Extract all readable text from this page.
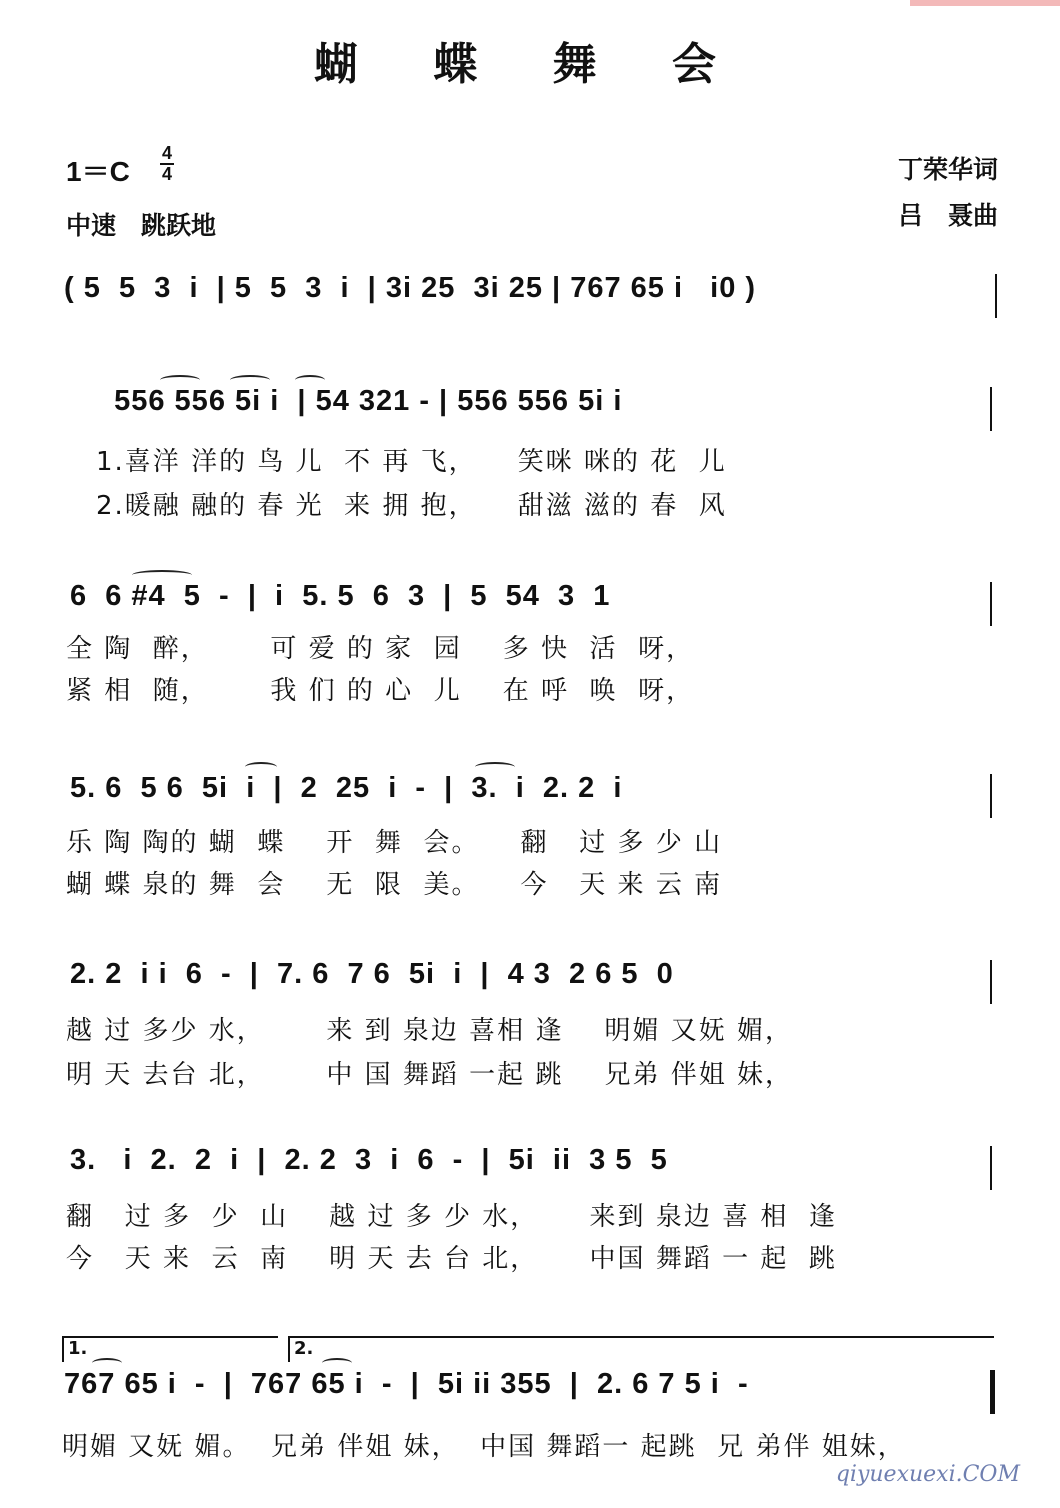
蝴 蝶 舞 会
1＝C
4
4
中速　跳跃地
丁荣华词
吕　聂曲
( 5  5  3  i  | 5  5  3  i  | 3i 25  3i 25 | 767 65 i   i0 )
556 556 5i i  | 54 321 - | 556 556 5i i
1.喜洋 洋的 鸟 儿  不 再 飞，    笑咪 咪的 花  儿
2.暖融 融的 春 光  来 拥 抱，    甜滋 滋的 春  风
6  6 #4  5  -  |  i  5. 5  6  3  |  5  54  3  1
全 陶  醉，      可 爱 的 家  园    多 快  活  呀，
紧 相  随，      我 们 的 心  儿    在 呼  唤  呀，
5. 6  5 6  5i  i  |  2  25  i  -  |  3.  i  2. 2  i
乐 陶 陶的 蝴  蝶    开  舞  会。    翻   过 多 少 山
蝴 蝶 泉的 舞  会    无  限  美。    今   天 来 云 南
2. 2  i i  6  -  |  7. 6  7 6  5i  i  |  4 3  2 6 5  0
越 过 多少 水，      来 到 泉边 喜相 逢    明媚 又妩 媚，
明 天 去台 北，      中 国 舞蹈 一起 跳    兄弟 伴姐 妹，
3.   i  2.  2  i  |  2. 2  3  i  6  -  |  5i  ii  3 5  5
翻   过 多  少  山    越 过 多 少 水，     来到 泉边 喜 相  逢
今   天 来  云  南    明 天 去 台 北，     中国 舞蹈 一 起  跳
1.	2.
767 65 i  -  |  767 65 i  -  |  5i ii 355  |  2. 6 7 5 i  -
明媚 又妩 媚。  兄弟 伴姐 妹，  中国 舞蹈一 起跳  兄 弟伴 姐妹，
qiyuexuexi.COM
